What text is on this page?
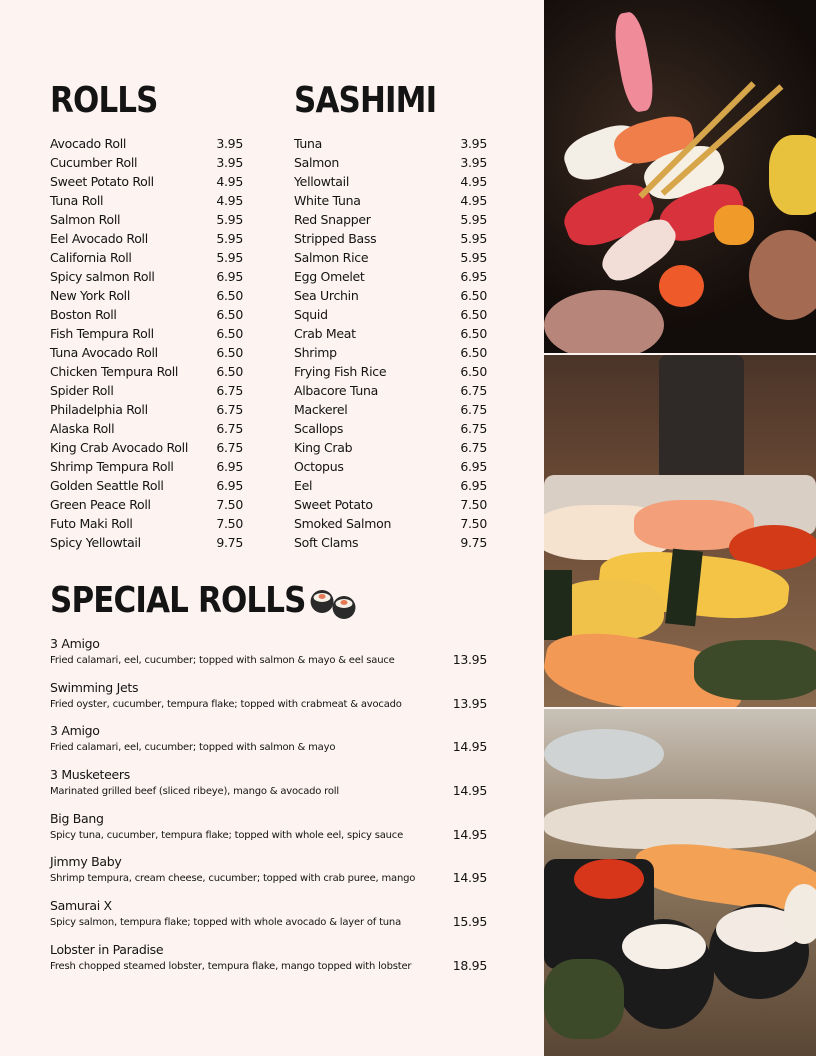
ROLLS
Avocado Roll	3.95
Cucumber Roll	3.95
Sweet Potato Roll	4.95
Tuna Roll	4.95
Salmon Roll	5.95
Eel Avocado Roll	5.95
California Roll	5.95
Spicy salmon Roll	6.95
New York Roll	6.50
Boston Roll	6.50
Fish Tempura Roll	6.50
Tuna Avocado Roll	6.50
Chicken Tempura Roll	6.50
Spider Roll	6.75
Philadelphia Roll	6.75
Alaska Roll	6.75
King Crab Avocado Roll 6.75
Shrimp Tempura Roll	6.95
Golden Seattle Roll	6.95
Green Peace Roll	7.50
Futo Maki Roll	7.50
Spicy Yellowtail	9.75
SASHIMI
Tuna	3.95
Salmon	3.95
Yellowtail	4.95
White Tuna	4.95
Red Snapper	5.95
Stripped Bass	5.95
Salmon Rice	5.95
Egg Omelet	6.95
Sea Urchin	6.50
Squid	6.50
Crab Meat	6.50
Shrimp	6.50
Frying Fish Rice	6.50
Albacore Tuna	6.75
Mackerel	6.75
Scallops	6.75
King Crab	6.75
Octopus	6.95
Eel	6.95
Sweet Potato	7.50
Smoked Salmon	7.50
Soft Clams	9.75
SPECIAL ROLLS
3 Amigo
Fried calamari, eel, cucumber; topped with salmon & mayo & eel sauce	13.95
Swimming Jets
Fried oyster, cucumber, tempura flake; topped with crabmeat & avocado	13.95
3 Amigo
Fried calamari, eel, cucumber; topped with salmon & mayo	14.95
3 Musketeers
Marinated grilled beef (sliced ribeye), mango & avocado roll	14.95
Big Bang
Spicy tuna, cucumber, tempura flake; topped with whole eel, spicy sauce	14.95
Jimmy Baby
Shrimp tempura, cream cheese, cucumber; topped with crab puree, mango	14.95
Samurai X
Spicy salmon, tempura flake; topped with whole avocado & layer of tuna	15.95
Lobster in Paradise
Fresh chopped steamed lobster, tempura flake, mango topped with lobster	18.95
